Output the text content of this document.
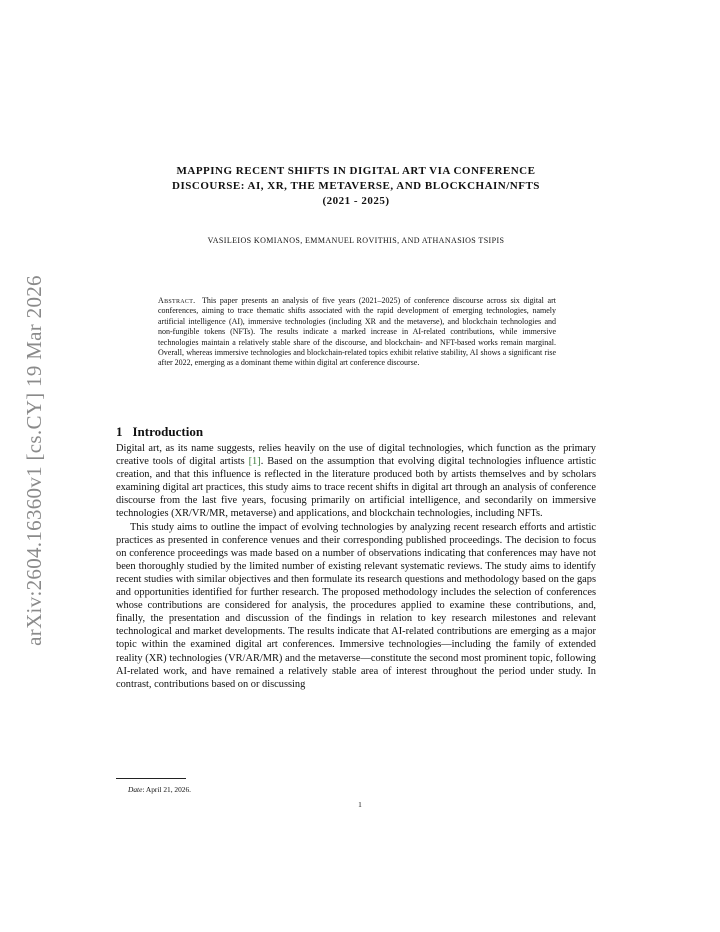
arXiv:2604.16360v1 [cs.CY] 19 Mar 2026
MAPPING RECENT SHIFTS IN DIGITAL ART VIA CONFERENCE
DISCOURSE: AI, XR, THE METAVERSE, AND BLOCKCHAIN/NFTS
(2021 - 2025)
VASILEIOS KOMIANOS, EMMANUEL ROVITHIS, AND ATHANASIOS TSIPIS
Abstract. This paper presents an analysis of five years (2021–2025) of conference discourse across six digital art conferences, aiming to trace thematic shifts associated with the rapid development of emerging technologies, namely artificial intelligence (AI), immersive technologies (including XR and the metaverse), and blockchain technologies and non-fungible tokens (NFTs). The results indicate a marked increase in AI-related contributions, while immersive technologies maintain a relatively stable share of the discourse, and blockchain- and NFT-based works remain marginal. Overall, whereas immersive technologies and blockchain-related topics exhibit relative stability, AI shows a significant rise after 2022, emerging as a dominant theme within digital art conference discourse.
1 Introduction

Digital art, as its name suggests, relies heavily on the use of digital technologies, which function as the primary creative tools of digital artists [1]. Based on the assumption that evolving digital technologies influence artistic creation, and that this influence is reflected in the literature produced both by artists themselves and by scholars examining digital art practices, this study aims to trace recent shifts in digital art through an analysis of conference discourse from the last five years, focusing primarily on artificial intelligence, and secondarily on immersive technologies (XR/VR/MR, metaverse) and applications, and blockchain technologies, including NFTs.

This study aims to outline the impact of evolving technologies by analyzing recent research efforts and artistic practices as presented in conference venues and their corresponding published proceedings. The decision to focus on conference proceedings was made based on a number of observations indicating that conferences may have not been thoroughly studied by the limited number of existing relevant systematic reviews. The study aims to identify recent studies with similar objectives and then formulate its research questions and methodology based on the gaps and opportunities identified for further research. The proposed methodology includes the selection of conferences whose contributions are considered for analysis, the procedures applied to examine these contributions, and, finally, the presentation and discussion of the findings in relation to key research milestones and relevant technological and market developments. The results indicate that AI-related contributions are emerging as a major topic within the examined digital art conferences. Immersive technologies—including the family of extended reality (XR) technologies (VR/AR/MR) and the metaverse—constitute the second most prominent topic, following AI-related work, and have remained a relatively stable area of interest throughout the period under study. In contrast, contributions based on or discussing

Date: April 21, 2026.
1
